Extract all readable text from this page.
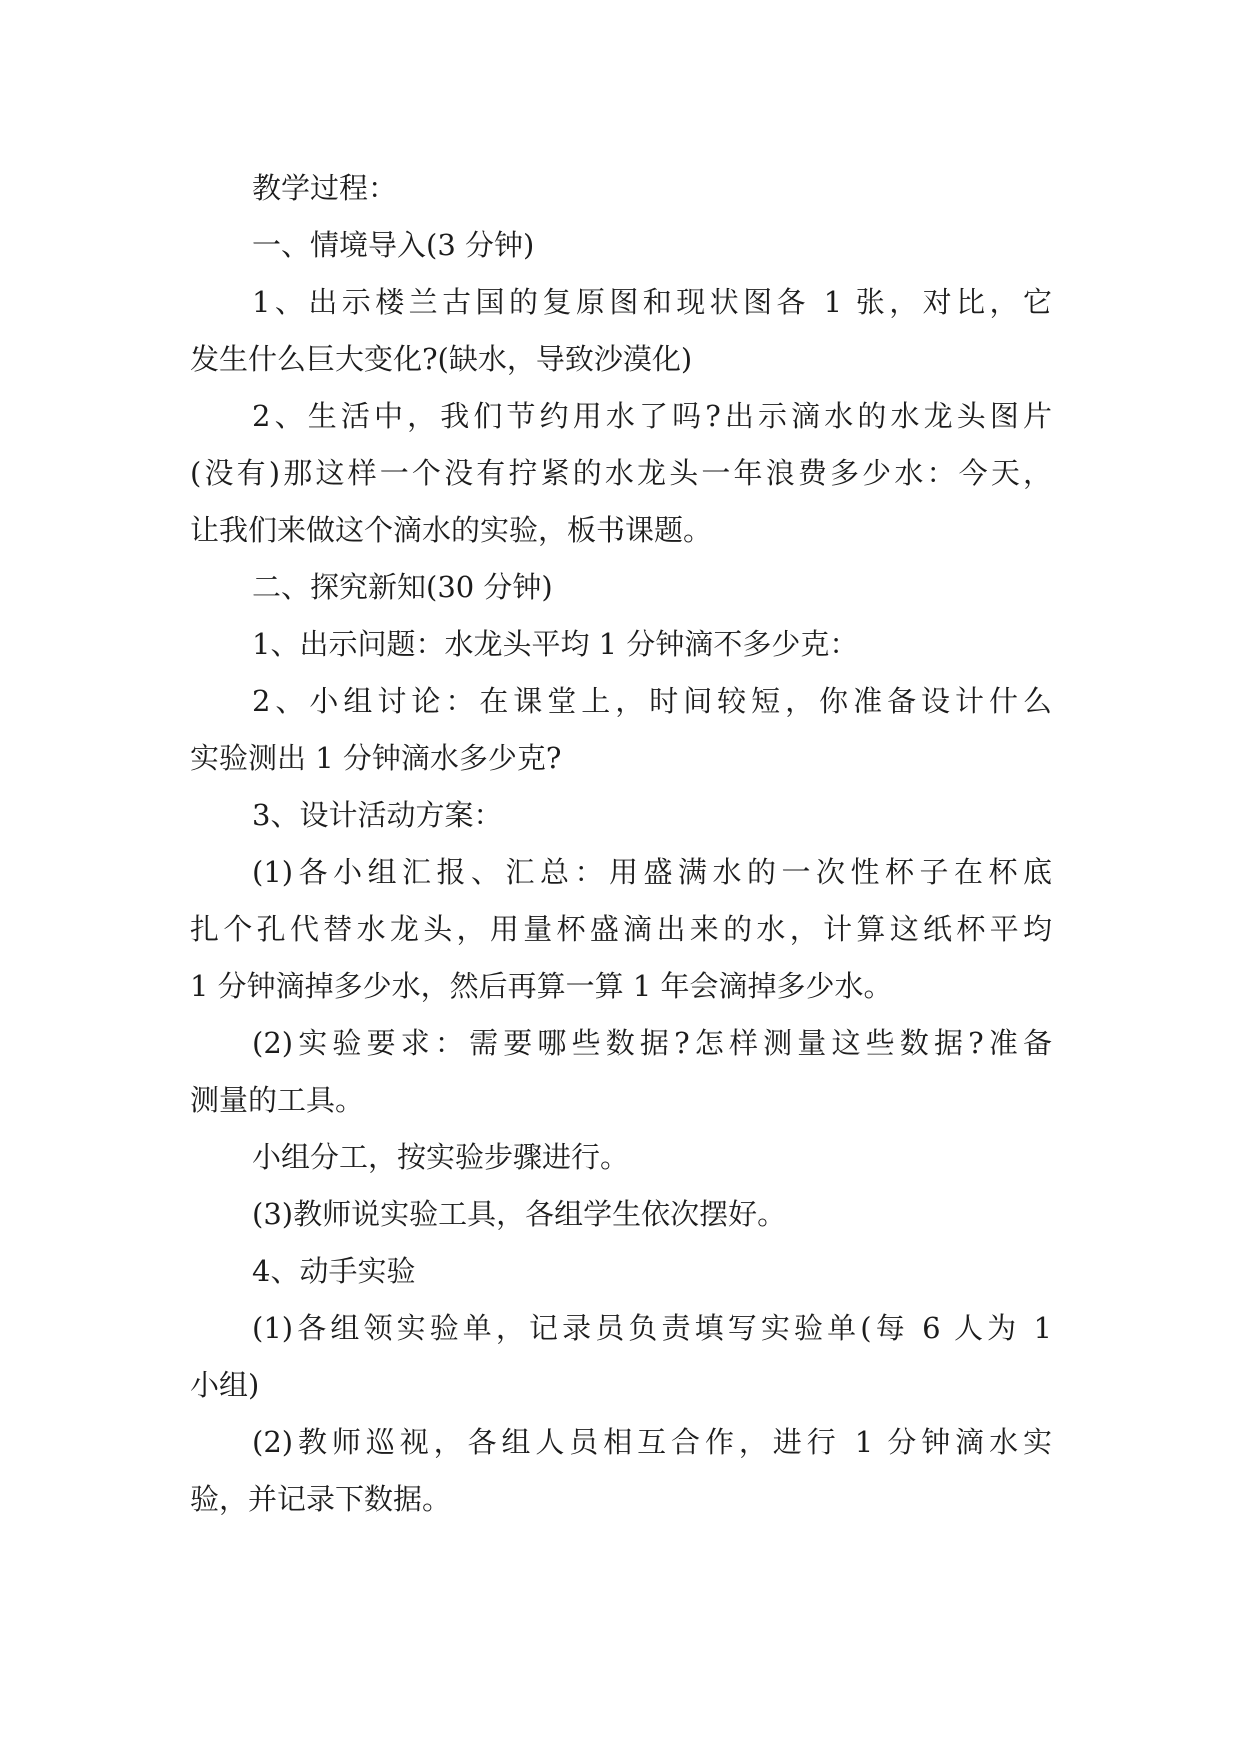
教学过程：
一、情境导入(3 分钟)
1、出示楼兰古国的复原图和现状图各 1 张，对比，它
发生什么巨大变化?(缺水，导致沙漠化)
2、生活中，我们节约用水了吗?出示滴水的水龙头图片
(没有)那这样一个没有拧紧的水龙头一年浪费多少水：今天，
让我们来做这个滴水的实验，板书课题。
二、探究新知(30 分钟)
1、出示问题：水龙头平均 1 分钟滴不多少克：
2、小组讨论：在课堂上，时间较短，你准备设计什么
实验测出 1 分钟滴水多少克?
3、设计活动方案：
(1)各小组汇报、汇总：用盛满水的一次性杯子在杯底
扎个孔代替水龙头，用量杯盛滴出来的水，计算这纸杯平均
1 分钟滴掉多少水，然后再算一算 1 年会滴掉多少水。
(2)实验要求：需要哪些数据?怎样测量这些数据?准备
测量的工具。
小组分工，按实验步骤进行。
(3)教师说实验工具，各组学生依次摆好。
4、动手实验
(1)各组领实验单，记录员负责填写实验单(每 6 人为 1
小组)
(2)教师巡视，各组人员相互合作，进行 1 分钟滴水实
验，并记录下数据。
